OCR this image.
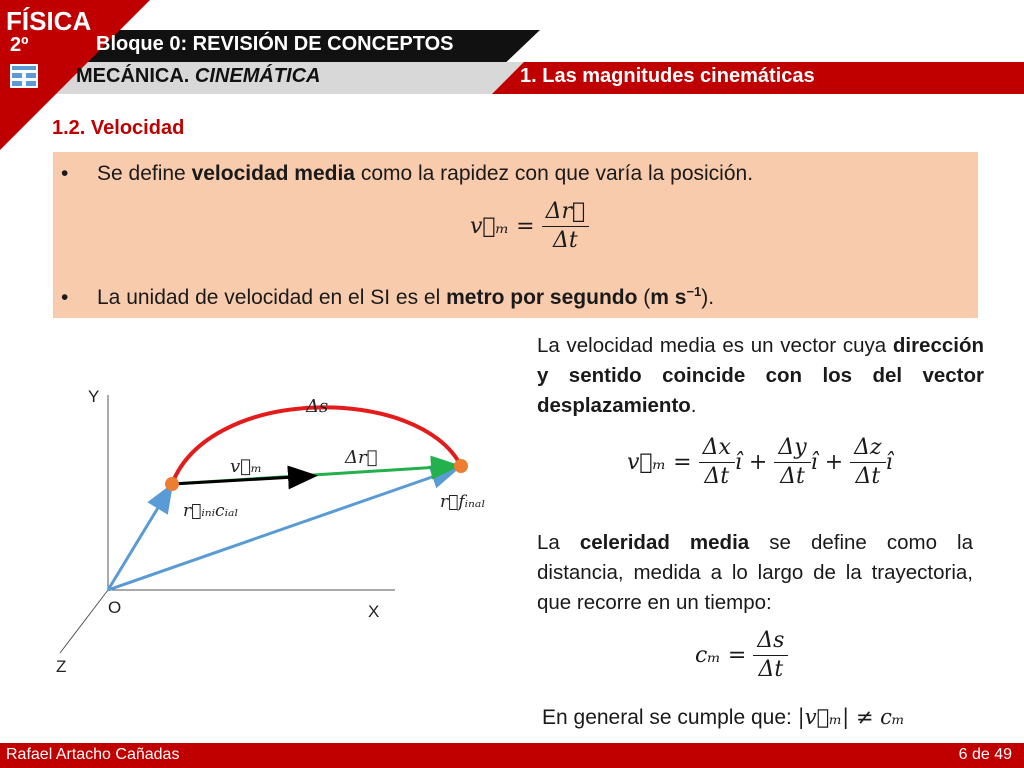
FÍSICA
2º	Bloque 0: REVISIÓN DE CONCEPTOS
MECÁNICA. CINEMÁTICA	1. Las magnitudes cinemáticas
1.2. Velocidad
• Se define velocidad media como la rapidez con que varía la posición.
v⃗ₘ = $\frac{\Delta r⃗}{\Delta t}$
• La unidad de velocidad en el SI es el metro por segundo (m $s^{-1}$).
Y
X
Z
O
Δs
v⃗ₘ	Δr⃗
r⃗ᵢₙᵢcᵢₐₗ	r⃗fᵢₙₐₗ
La velocidad media es un vector cuya dirección y sentido coincide con los del vector desplazamiento.
v⃗ₘ = $\frac{\Delta x}{\Delta t}$ î + $\frac{\Delta y}{\Delta t}$ î + $\frac{\Delta z}{\Delta t}$ î
La celeridad media se define como la distancia, medida a lo largo de la trayectoria, que recorre en un tiempo:
$c_m = \frac{\Delta s}{\Delta t}$
En general se cumple que: |v⃗ₘ| ≠ cₘ
Rafael Artacho Cañadas	6 de 49
